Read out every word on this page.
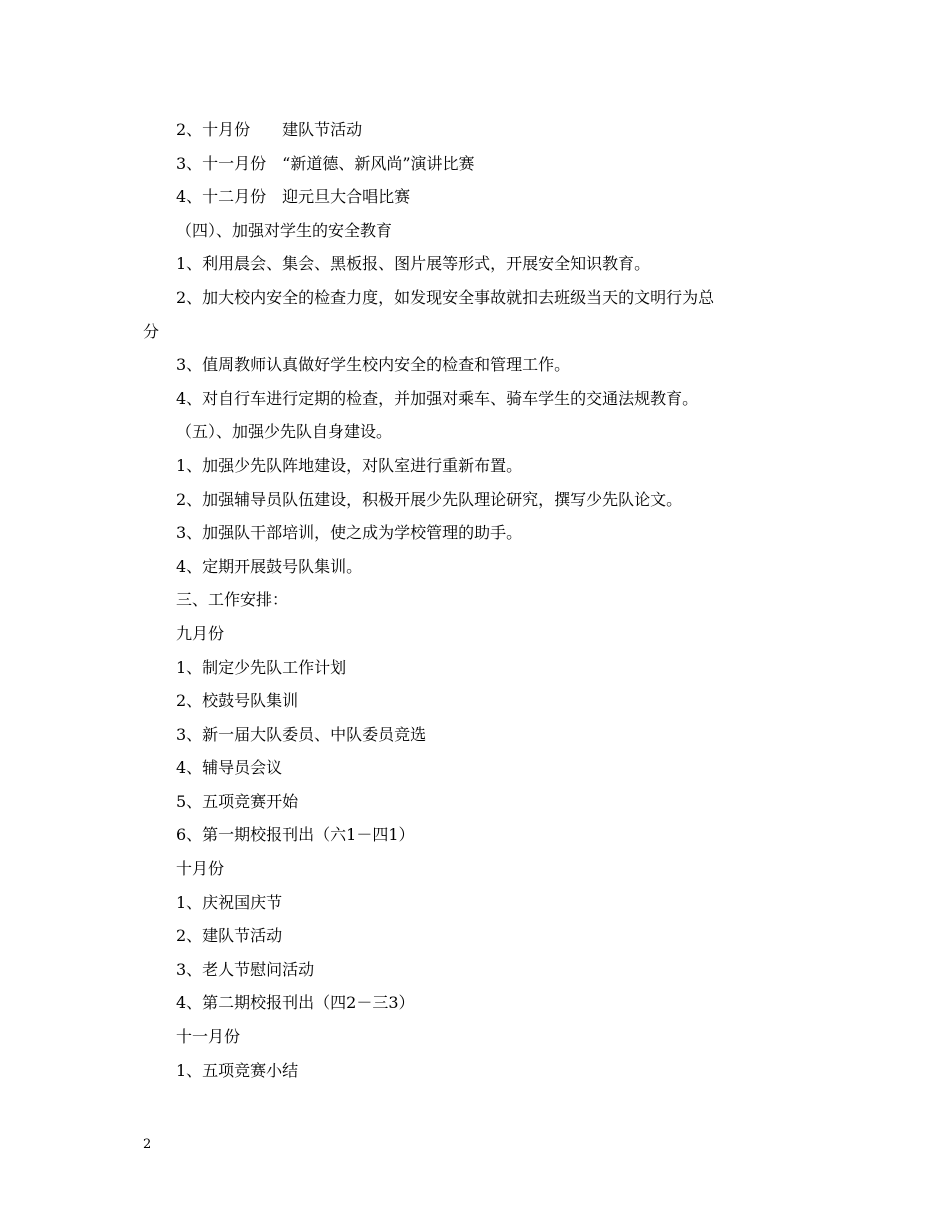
2、十月份　　建队节活动

3、十一月份　“新道德、新风尚”演讲比赛

4、十二月份　迎元旦大合唱比赛

（四）、加强对学生的安全教育

1、利用晨会、集会、黑板报、图片展等形式，开展安全知识教育。

2、加大校内安全的检查力度，如发现安全事故就扣去班级当天的文明行为总

分

3、值周教师认真做好学生校内安全的检查和管理工作。

4、对自行车进行定期的检查，并加强对乘车、骑车学生的交通法规教育。

（五）、加强少先队自身建设。

1、加强少先队阵地建设，对队室进行重新布置。

2、加强辅导员队伍建设，积极开展少先队理论研究，撰写少先队论文。

3、加强队干部培训，使之成为学校管理的助手。

4、定期开展鼓号队集训。

三、工作安排：

九月份

1、制定少先队工作计划

2、校鼓号队集训

3、新一届大队委员、中队委员竞选

4、辅导员会议

5、五项竞赛开始

6、第一期校报刊出（六1－四1）

十月份

1、庆祝国庆节

2、建队节活动

3、老人节慰问活动

4、第二期校报刊出（四2－三3）

十一月份

1、五项竞赛小结

2
